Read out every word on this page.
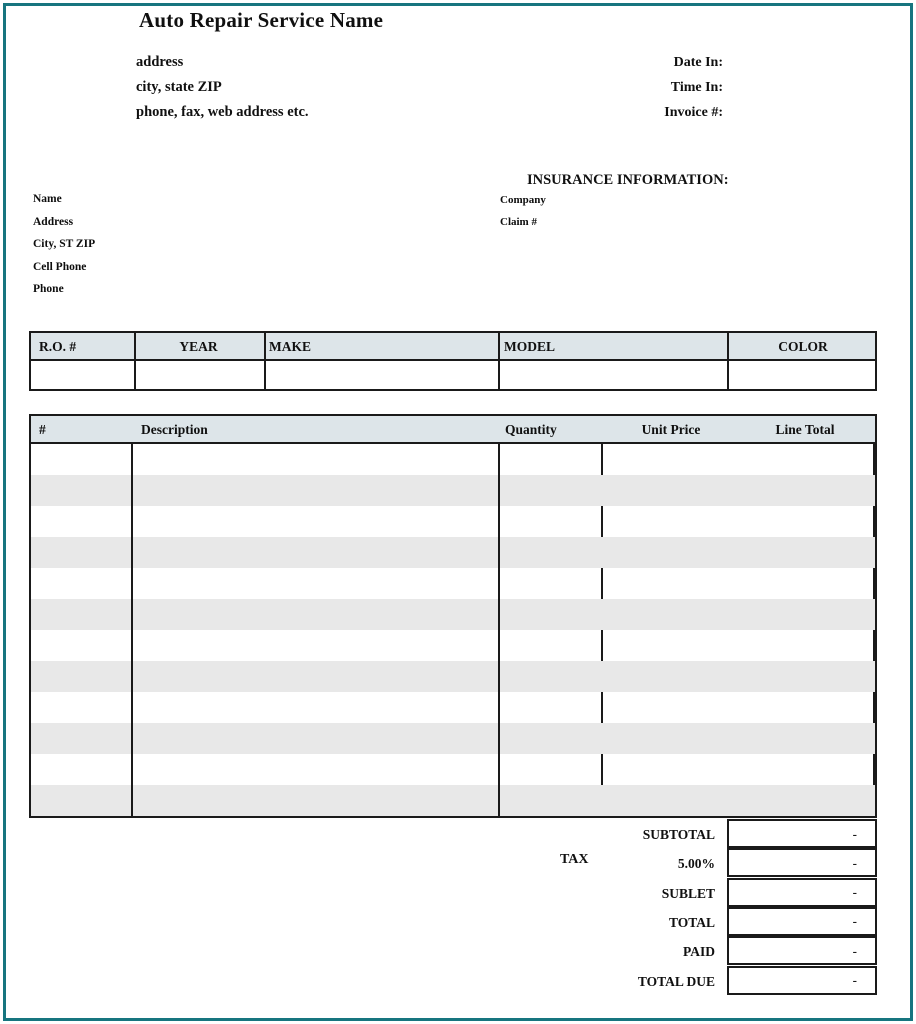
Auto Repair Service Name
address
city, state ZIP
phone, fax, web address etc.
Date In:
Time In:
Invoice #:
Name
Address
City, ST ZIP
Cell Phone
Phone
INSURANCE INFORMATION:
Company
Claim #
R.O. #	YEAR	MAKE	MODEL	COLOR
#	Description	Quantity	Unit Price	Line Total
TAX
SUBTOTAL	-
5.00%	-
SUBLET	-
TOTAL	-
PAID	-
TOTAL DUE	-
